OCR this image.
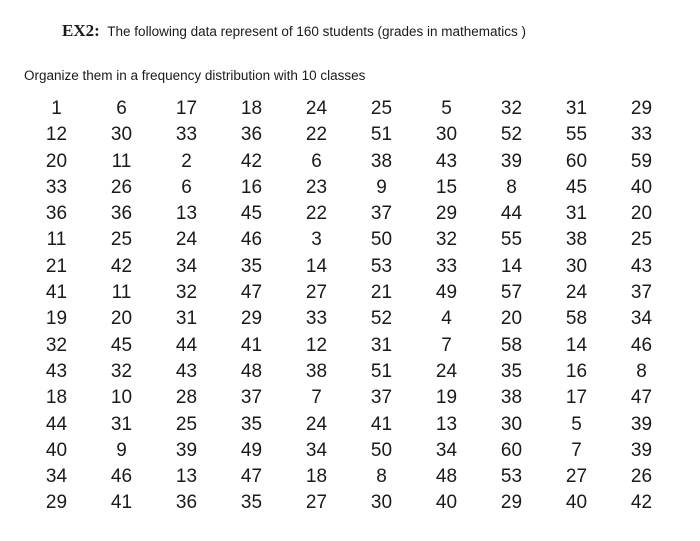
EX2: The following data represent of 160 students (grades in mathematics )
Organize them in a frequency distribution with 10 classes
1	6	17	18	24	25	5	32	31	29
12	30	33	36	22	51	30	52	55	33
20	11	2	42	6	38	43	39	60	59
33	26	6	16	23	9	15	8	45	40
36	36	13	45	22	37	29	44	31	20
11	25	24	46	3	50	32	55	38	25
21	42	34	35	14	53	33	14	30	43
41	11	32	47	27	21	49	57	24	37
19	20	31	29	33	52	4	20	58	34
32	45	44	41	12	31	7	58	14	46
43	32	43	48	38	51	24	35	16	8
18	10	28	37	7	37	19	38	17	47
44	31	25	35	24	41	13	30	5	39
40	9	39	49	34	50	34	60	7	39
34	46	13	47	18	8	48	53	27	26
29	41	36	35	27	30	40	29	40	42
